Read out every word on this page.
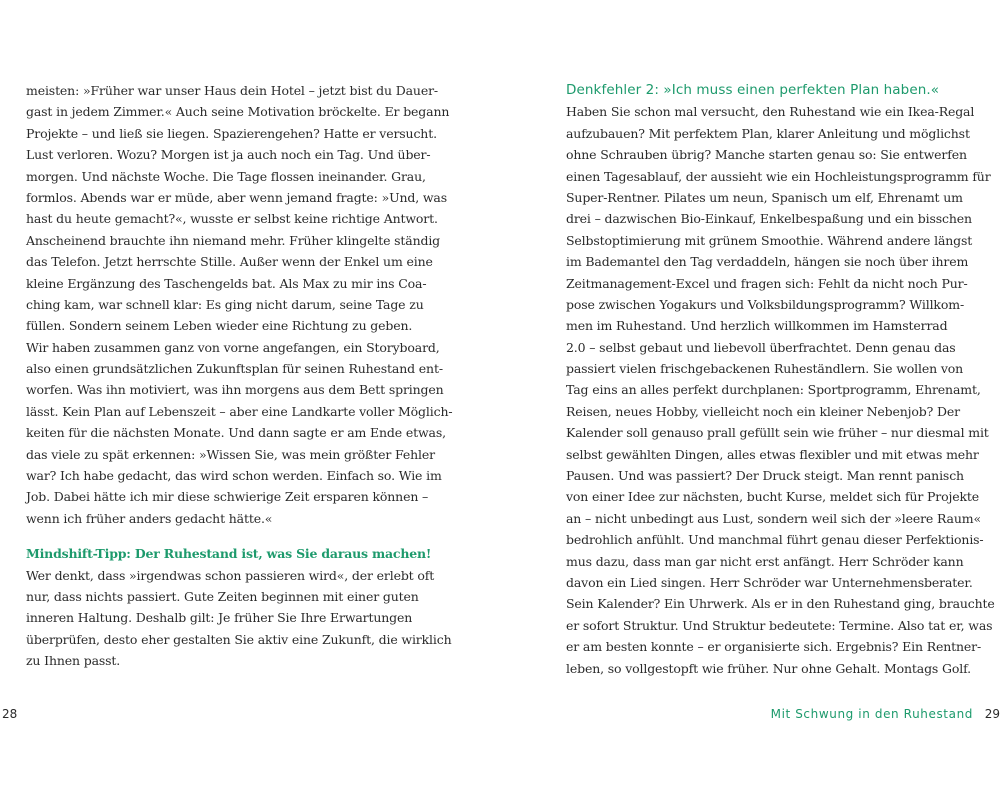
meisten: »Früher war unser Haus dein Hotel – jetzt bist du Dauer-
gast in jedem Zimmer.« Auch seine Motivation bröckelte. Er begann
Projekte – und ließ sie liegen. Spazierengehen? Hatte er versucht.
Lust verloren. Wozu? Morgen ist ja auch noch ein Tag. Und über-
morgen. Und nächste Woche. Die Tage flossen ineinander. Grau,
formlos. Abends war er müde, aber wenn jemand fragte: »Und, was
hast du heute gemacht?«, wusste er selbst keine richtige Antwort.
Anscheinend brauchte ihn niemand mehr. Früher klingelte ständig
das Telefon. Jetzt herrschte Stille. Außer wenn der Enkel um eine
kleine Ergänzung des Taschengelds bat. Als Max zu mir ins Coa-
ching kam, war schnell klar: Es ging nicht darum, seine Tage zu
füllen. Sondern seinem Leben wieder eine Richtung zu geben.
Wir haben zusammen ganz von vorne angefangen, ein Storyboard,
also einen grundsätzlichen Zukunftsplan für seinen Ruhestand ent-
worfen. Was ihn motiviert, was ihn morgens aus dem Bett springen
lässt. Kein Plan auf Lebenszeit – aber eine Landkarte voller Möglich-
keiten für die nächsten Monate. Und dann sagte er am Ende etwas,
das viele zu spät erkennen: »Wissen Sie, was mein größter Fehler
war? Ich habe gedacht, das wird schon werden. Einfach so. Wie im
Job. Dabei hätte ich mir diese schwierige Zeit ersparen können –
wenn ich früher anders gedacht hätte.«
Mindshift-Tipp: Der Ruhestand ist, was Sie daraus machen!
Wer denkt, dass »irgendwas schon passieren wird«, der erlebt oft
nur, dass nichts passiert. Gute Zeiten beginnen mit einer guten
inneren Haltung. Deshalb gilt: Je früher Sie Ihre Erwartungen
überprüfen, desto eher gestalten Sie aktiv eine Zukunft, die wirklich
zu Ihnen passt.
Denkfehler 2: »Ich muss einen perfekten Plan haben.«
Haben Sie schon mal versucht, den Ruhestand wie ein Ikea-Regal
aufzubauen? Mit perfektem Plan, klarer Anleitung und möglichst
ohne Schrauben übrig? Manche starten genau so: Sie entwerfen
einen Tagesablauf, der aussieht wie ein Hochleistungsprogramm für
Super-Rentner. Pilates um neun, Spanisch um elf, Ehrenamt um
drei – dazwischen Bio-Einkauf, Enkelbespaßung und ein bisschen
Selbstoptimierung mit grünem Smoothie. Während andere längst
im Bademantel den Tag verdaddeln, hängen sie noch über ihrem
Zeitmanagement-Excel und fragen sich: Fehlt da nicht noch Pur-
pose zwischen Yogakurs und Volksbildungsprogramm? Willkom-
men im Ruhestand. Und herzlich willkommen im Hamsterrad
2.0 – selbst gebaut und liebevoll überfrachtet. Denn genau das
passiert vielen frischgebackenen Ruheständlern. Sie wollen von
Tag eins an alles perfekt durchplanen: Sportprogramm, Ehrenamt,
Reisen, neues Hobby, vielleicht noch ein kleiner Nebenjob? Der
Kalender soll genauso prall gefüllt sein wie früher – nur diesmal mit
selbst gewählten Dingen, alles etwas flexibler und mit etwas mehr
Pausen. Und was passiert? Der Druck steigt. Man rennt panisch
von einer Idee zur nächsten, bucht Kurse, meldet sich für Projekte
an – nicht unbedingt aus Lust, sondern weil sich der »leere Raum«
bedrohlich anfühlt. Und manchmal führt genau dieser Perfektionis-
mus dazu, dass man gar nicht erst anfängt. Herr Schröder kann
davon ein Lied singen. Herr Schröder war Unternehmensberater.
Sein Kalender? Ein Uhrwerk. Als er in den Ruhestand ging, brauchte
er sofort Struktur. Und Struktur bedeutete: Termine. Also tat er, was
er am besten konnte – er organisierte sich. Ergebnis? Ein Rentner-
leben, so vollgestopft wie früher. Nur ohne Gehalt. Montags Golf.
28	Mit Schwung in den Ruhestand 29
